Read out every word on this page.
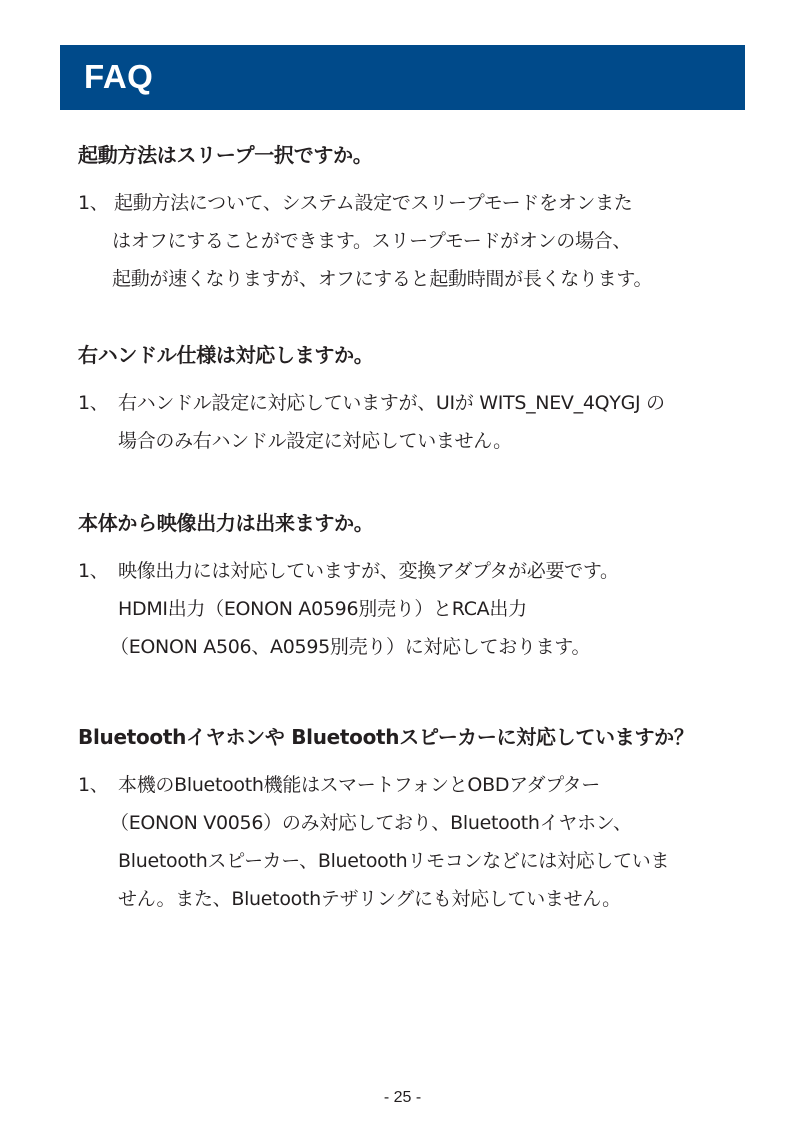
FAQ
起動方法はスリープ一択ですか。
1、 起動方法について、システム設定でスリープモードをオンまた
はオフにすることができます。スリープモードがオンの場合、
起動が速くなりますが、オフにすると起動時間が長くなります。
右ハンドル仕様は対応しますか。
1、 右ハンドル設定に対応していますが、UIが WITS_NEV_4QYGJ の
場合のみ右ハンドル設定に対応していません。
本体から映像出力は出来ますか。
1、 映像出力には対応していますが、変換アダプタが必要です。
HDMI出力（EONON A0596別売り）とRCA出力
（EONON A506、A0595別売り）に対応しております。
Bluetoothイヤホンや Bluetoothスピーカーに対応していますか？
1、 本機のBluetooth機能はスマートフォンとOBDアダプター
（EONON V0056）のみ対応しており、Bluetoothイヤホン、
Bluetoothスピーカー、Bluetoothリモコンなどには対応していま
せん。また、Bluetoothテザリングにも対応していません。
- 25 -
